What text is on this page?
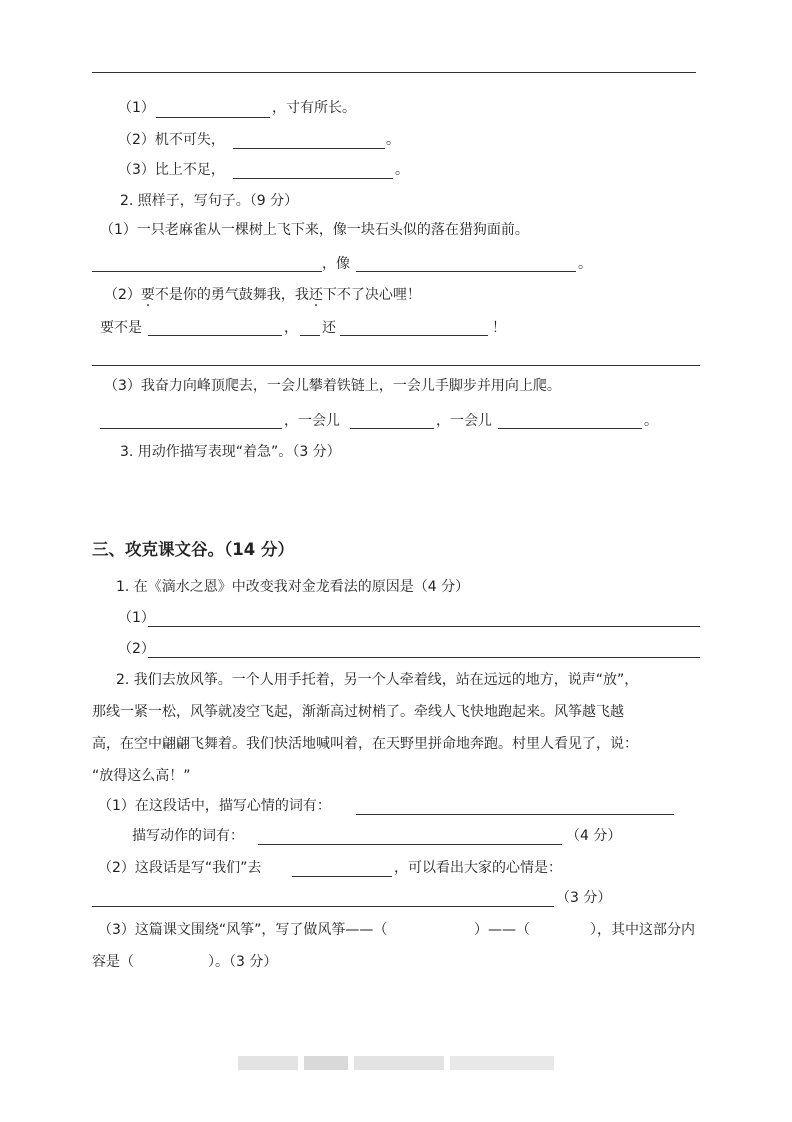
（1）	，寸有所长。
（2）机不可失，	。
（3）比上不足，	。
2. 照样子，写句子。（9 分）
（1）一只老麻雀从一棵树上飞下来，像一块石头似的落在猎狗面前。
，像	。
（2）要不是你的勇气鼓舞我，我还下不了决心哩！
要不是	， 还	！
（3）我奋力向峰顶爬去，一会儿攀着铁链上，一会儿手脚步并用向上爬。
，一会儿	，一会儿	。
3. 用动作描写表现“着急”。（3 分）
三、攻克课文谷。（14 分）
1. 在《滴水之恩》中改变我对金龙看法的原因是（4 分）
（1）
（2）
2. 我们去放风筝。一个人用手托着，另一个人牵着线，站在远远的地方，说声“放”，
那线一紧一松，风筝就凌空飞起，渐渐高过树梢了。牵线人飞快地跑起来。风筝越飞越
高，在空中翩翩飞舞着。我们快活地喊叫着，在天野里拼命地奔跑。村里人看见了，说：
“放得这么高！”
（1）在这段话中，描写心情的词有：
描写动作的词有：	（4 分）
（2）这段话是写“我们”去	，可以看出大家的心情是：
（3 分）
（3）这篇课文围绕“风筝”，写了做风筝——（	）——（	），其中这部分内
容是（	）。（3 分）
